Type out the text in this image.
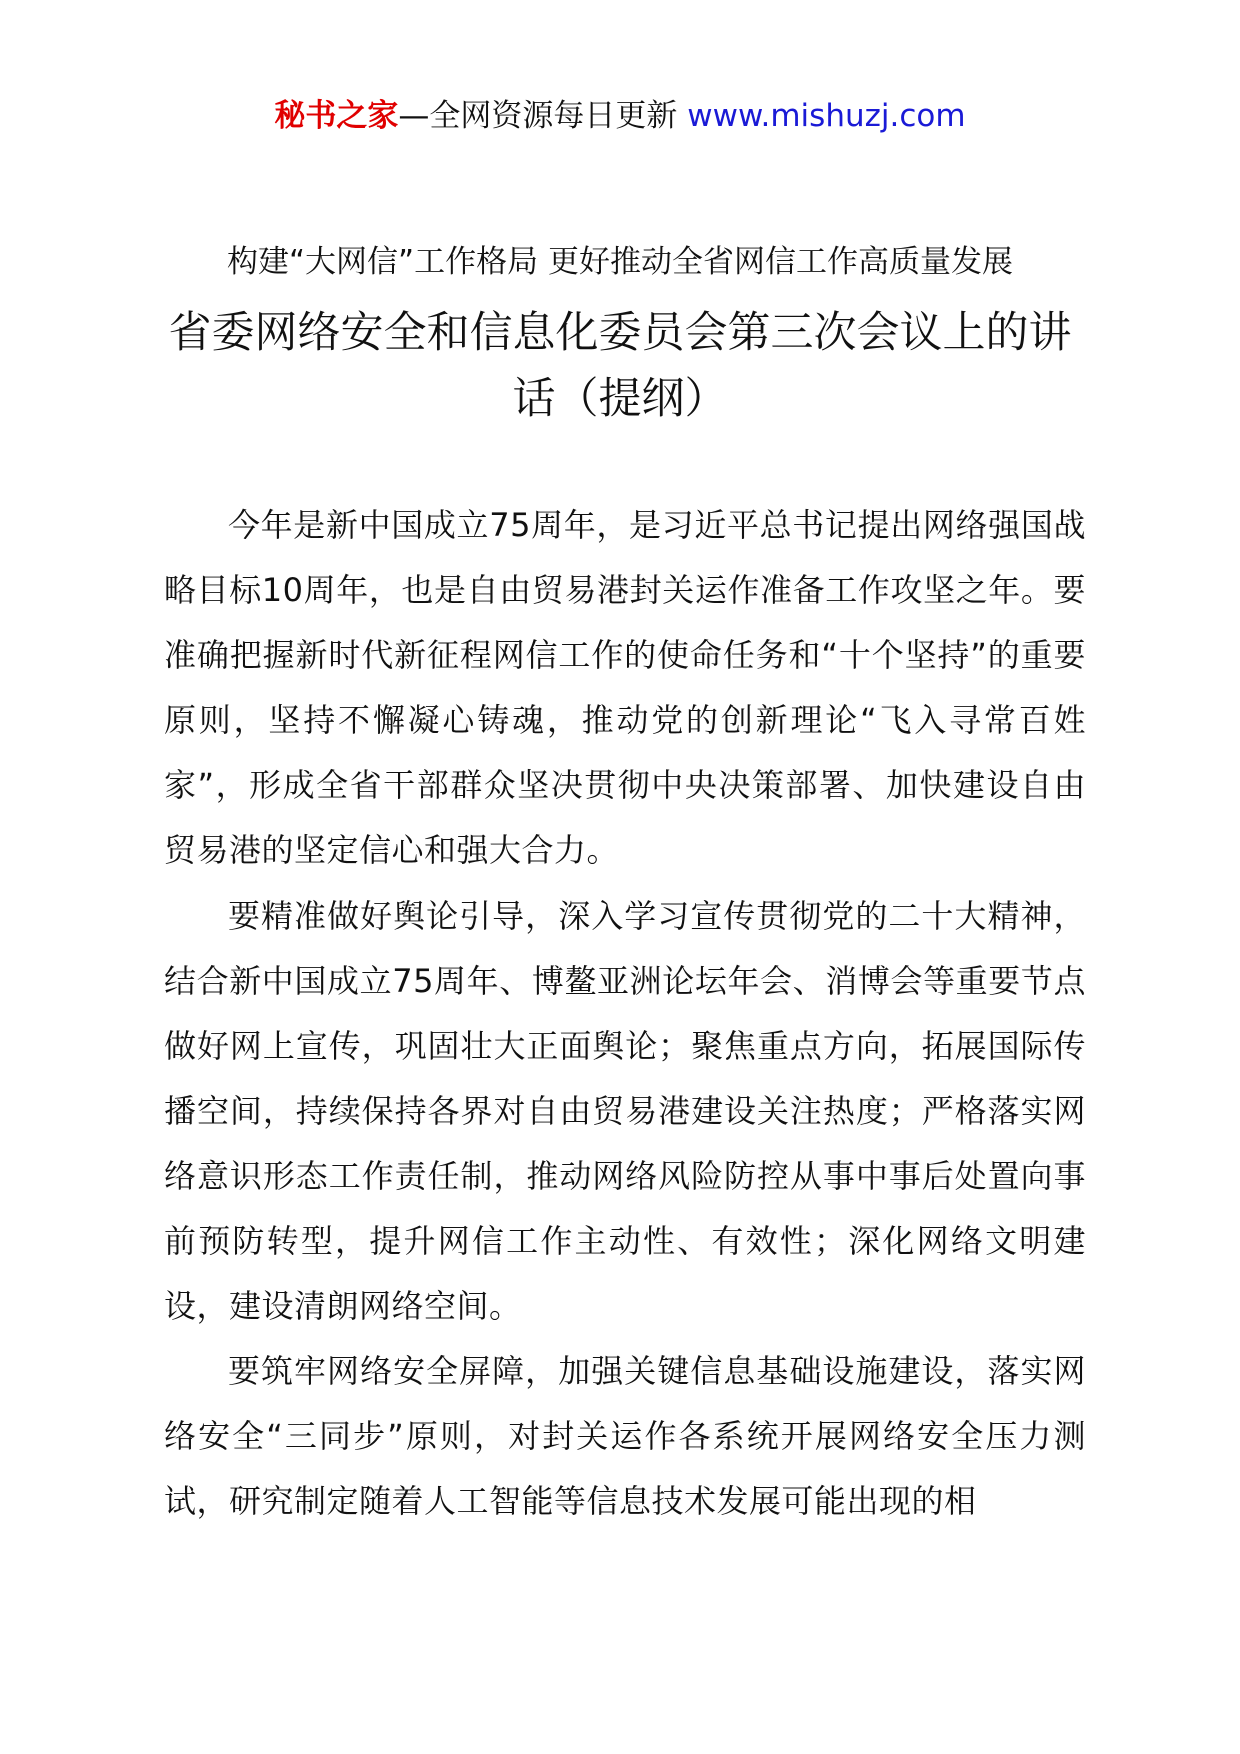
秘书之家—全网资源每日更新 www.mishuzj.com
构建“大网信”工作格局 更好推动全省网信工作高质量发展
省委网络安全和信息化委员会第三次会议上的讲话（提纲）

今年是新中国成立75周年，是习近平总书记提出网络强国战略目标10周年，也是自由贸易港封关运作准备工作攻坚之年。要准确把握新时代新征程网信工作的使命任务和“十个坚持”的重要原则，坚持不懈凝心铸魂，推动党的创新理论“飞入寻常百姓家”，形成全省干部群众坚决贯彻中央决策部署、加快建设自由贸易港的坚定信心和强大合力。

要精准做好舆论引导，深入学习宣传贯彻党的二十大精神，结合新中国成立75周年、博鳌亚洲论坛年会、消博会等重要节点做好网上宣传，巩固壮大正面舆论；聚焦重点方向，拓展国际传播空间，持续保持各界对自由贸易港建设关注热度；严格落实网络意识形态工作责任制，推动网络风险防控从事中事后处置向事前预防转型，提升网信工作主动性、有效性；深化网络文明建设，建设清朗网络空间。

要筑牢网络安全屏障，加强关键信息基础设施建设，落实网络安全“三同步”原则，对封关运作各系统开展网络安全压力测试，研究制定随着人工智能等信息技术发展可能出现的相
